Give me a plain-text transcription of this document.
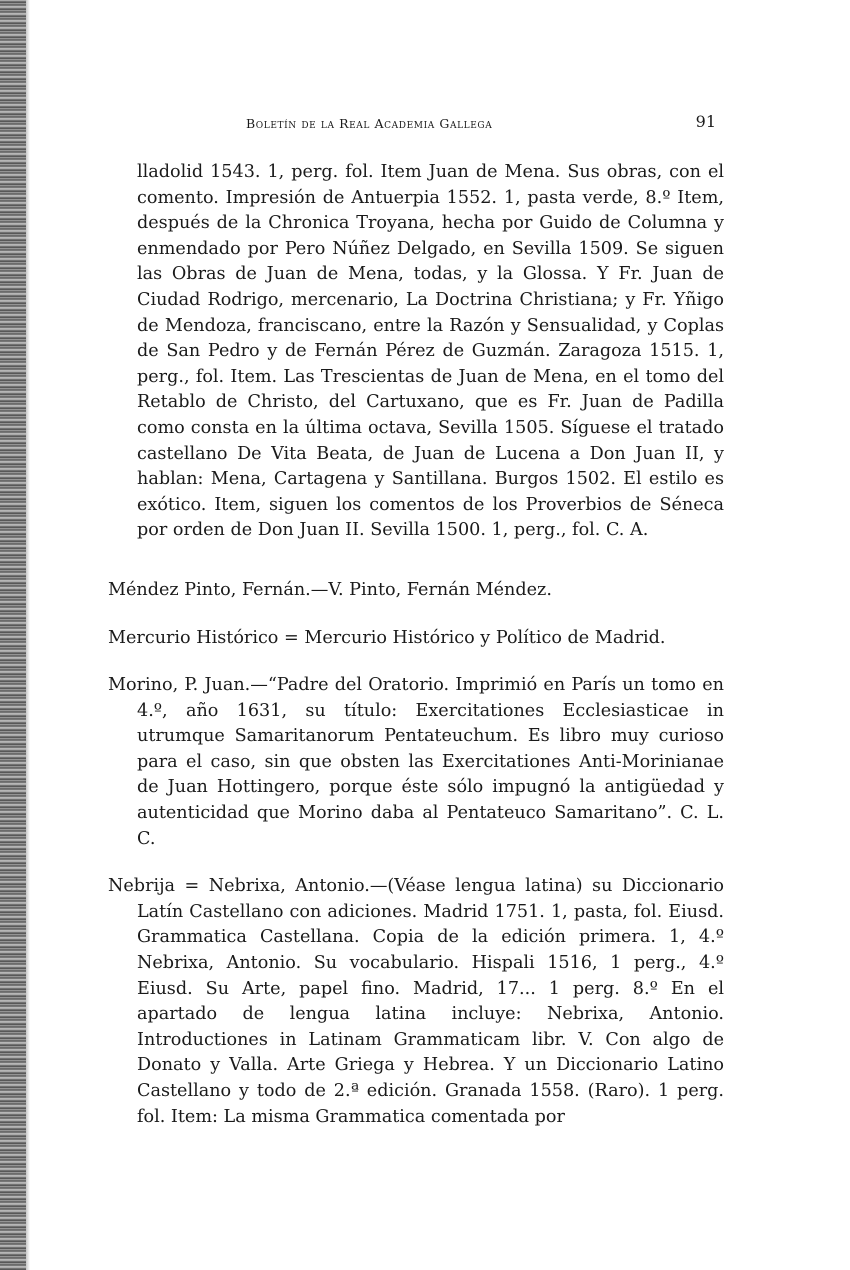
Boletín de la Real Academia Gallega	91

lladolid 1543. 1, perg. fol. Item Juan de Mena. Sus obras, con el comento. Impresión de Antuerpia 1552. 1, pasta verde, 8.º Item, después de la Chronica Troyana, hecha por Guido de Columna y enmendado por Pero Núñez Delgado, en Sevilla 1509. Se siguen las Obras de Juan de Mena, todas, y la Glossa. Y Fr. Juan de Ciudad Rodrigo, mercenario, La Doctrina Christiana; y Fr. Yñigo de Mendoza, franciscano, entre la Razón y Sensualidad, y Coplas de San Pedro y de Fernán Pérez de Guzmán. Zaragoza 1515. 1, perg., fol. Item. Las Trescientas de Juan de Mena, en el tomo del Retablo de Christo, del Cartuxano, que es Fr. Juan de Padilla como consta en la última octava, Sevilla 1505. Síguese el tratado castellano De Vita Beata, de Juan de Lucena a Don Juan II, y hablan: Mena, Cartagena y Santillana. Burgos 1502. El estilo es exótico. Item, siguen los comentos de los Proverbios de Séneca por orden de Don Juan II. Sevilla 1500. 1, perg., fol. C. A.

Méndez Pinto, Fernán.—V. Pinto, Fernán Méndez.

Mercurio Histórico = Mercurio Histórico y Político de Madrid.

Morino, P. Juan.—“Padre del Oratorio. Imprimió en París un tomo en 4.º, año 1631, su título: Exercitationes Ecclesiasticae in utrumque Samaritanorum Pentateuchum. Es libro muy curioso para el caso, sin que obsten las Exercitationes Anti-Morinianae de Juan Hottingero, porque éste sólo impugnó la antigüedad y autenticidad que Morino daba al Pentateuco Samaritano”. C. L. C.

Nebrija = Nebrixa, Antonio.—(Véase lengua latina) su Diccionario Latín Castellano con adiciones. Madrid 1751. 1, pasta, fol. Eiusd. Grammatica Castellana. Copia de la edición primera. 1, 4.º Nebrixa, Antonio. Su vocabulario. Hispali 1516, 1 perg., 4.º Eiusd. Su Arte, papel fino. Madrid, 17... 1 perg. 8.º En el apartado de lengua latina incluye: Nebrixa, Antonio. Introductiones in Latinam Grammaticam libr. V. Con algo de Donato y Valla. Arte Griega y Hebrea. Y un Diccionario Latino Castellano y todo de 2.ª edición. Granada 1558. (Raro). 1 perg. fol. Item: La misma Grammatica comentada por
